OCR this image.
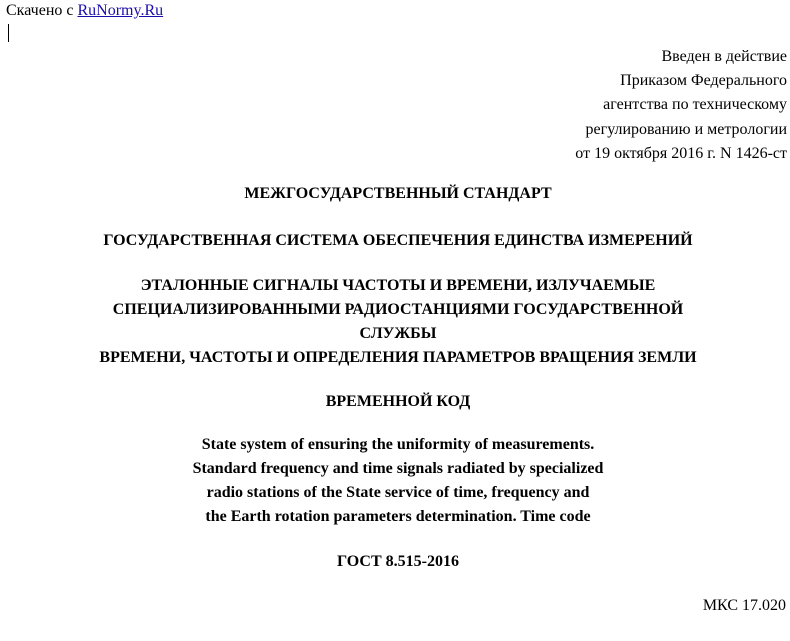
Скачено с RuNormy.Ru
Введен в действие
Приказом Федерального
агентства по техническому
регулированию и метрологии
от 19 октября 2016 г. N 1426-ст
МЕЖГОСУДАРСТВЕННЫЙ СТАНДАРТ
ГОСУДАРСТВЕННАЯ СИСТЕМА ОБЕСПЕЧЕНИЯ ЕДИНСТВА ИЗМЕРЕНИЙ
ЭТАЛОННЫЕ СИГНАЛЫ ЧАСТОТЫ И ВРЕМЕНИ, ИЗЛУЧАЕМЫЕ
СПЕЦИАЛИЗИРОВАННЫМИ РАДИОСТАНЦИЯМИ ГОСУДАРСТВЕННОЙ
СЛУЖБЫ
ВРЕМЕНИ, ЧАСТОТЫ И ОПРЕДЕЛЕНИЯ ПАРАМЕТРОВ ВРАЩЕНИЯ ЗЕМЛИ
ВРЕМЕННОЙ КОД
State system of ensuring the uniformity of measurements.
Standard frequency and time signals radiated by specialized
radio stations of the State service of time, frequency and
the Earth rotation parameters determination. Time code
ГОСТ 8.515-2016
МКС 17.020
